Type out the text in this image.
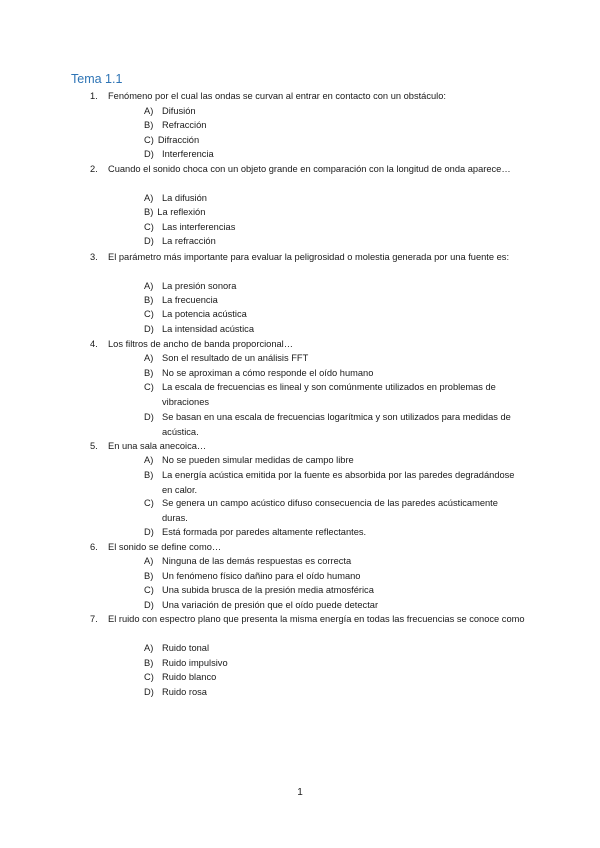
Tema 1.1
1. Fenómeno por el cual las ondas se curvan al entrar en contacto con un obstáculo:
A) Difusión
B) Refracción
C) Difracción
D) Interferencia
2. Cuando el sonido choca con un objeto grande en comparación con la longitud de onda aparece…
A) La difusión
B) La reflexión
C) Las interferencias
D) La refracción
3. El parámetro más importante para evaluar la peligrosidad o molestia generada por una fuente es:
A) La presión sonora
B) La frecuencia
C) La potencia acústica
D) La intensidad acústica
4. Los filtros de ancho de banda proporcional…
A) Son el resultado de un análisis FFT
B) No se aproximan a cómo responde el oído humano
C) La escala de frecuencias es lineal y son comúnmente utilizados en problemas de vibraciones
D) Se basan en una escala de frecuencias logarítmica y son utilizados para medidas de acústica.
5. En una sala anecoica…
A) No se pueden simular medidas de campo libre
B) La energía acústica emitida por la fuente es absorbida por las paredes degradándose en calor.
C) Se genera un campo acústico difuso consecuencia de las paredes acústicamente duras.
D) Está formada por paredes altamente reflectantes.
6. El sonido se define como…
A) Ninguna de las demás respuestas es correcta
B) Un fenómeno físico dañino para el oído humano
C) Una subida brusca de la presión media atmosférica
D) Una variación de presión que el oído puede detectar
7. El ruido con espectro plano que presenta la misma energía en todas las frecuencias se conoce como
A) Ruido tonal
B) Ruido impulsivo
C) Ruido blanco
D) Ruido rosa
1
